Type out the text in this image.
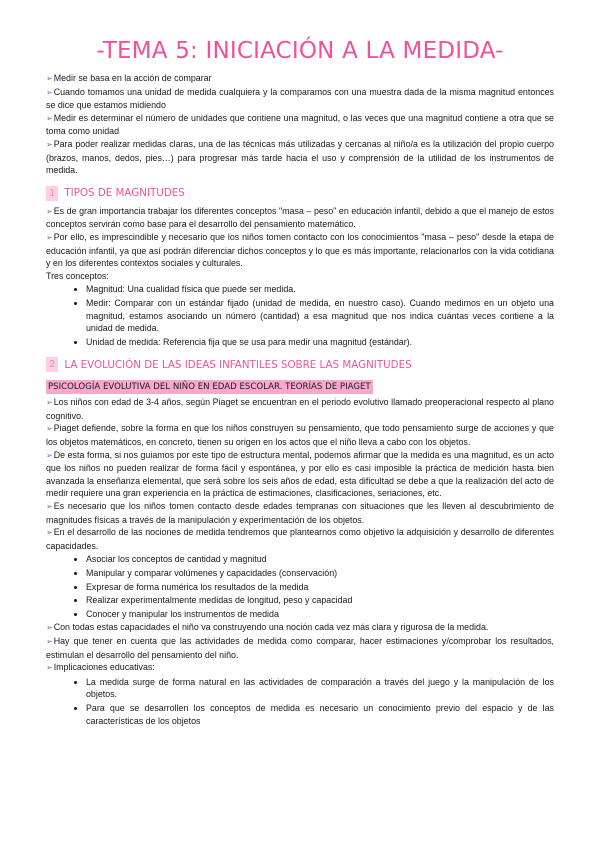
-TEMA 5: INICIACIÓN A LA MEDIDA-

➢Medir se basa en la acción de comparar

➢Cuando tomamos una unidad de medida cualquiera y la comparamos con una muestra dada de la misma magnitud entonces se dice que estamos midiendo

➢Medir es determinar el número de unidades que contiene una magnitud, o las veces que una magnitud contiene a otra que se toma como unidad

➢Para poder realizar medidas claras, una de las técnicas más utilizadas y cercanas al niño/a es la utilización del propio cuerpo (brazos, manos, dedos, pies…) para progresar más tarde hacia el uso y comprensión de la utilidad de los instrumentos de medida.

1 TIPOS DE MAGNITUDES

➢Es de gran importancia trabajar los diferentes conceptos "masa – peso" en educación infantil, debido a que el manejo de estos conceptos servirán como base para el desarrollo del pensamiento matemático.

➢Por ello, es imprescindible y necesario que los niños tomen contacto con los conocimientos "masa – peso" desde la etapa de educación infantil, ya que así podrán diferenciar dichos conceptos y lo que es más importante, relacionarlos con la vida cotidiana y en los diferentes contextos sociales y culturales.

Tres conceptos:

• Magnitud: Una cualidad física que puede ser medida.
• Medir: Comparar con un estándar fijado (unidad de medida, en nuestro caso). Cuando medimos en un objeto una magnitud, estamos asociando un número (cantidad) a esa magnitud que nos indica cuántas veces contiene a la unidad de medida.
• Unidad de medida: Referencia fija que se usa para medir una magnitud (estándar).
2 LA EVOLUCIÓN DE LAS IDEAS INFANTILES SOBRE LAS MAGNITUDES
PSICOLOGÍA EVOLUTIVA DEL NIÑO EN EDAD ESCOLAR. TEORÍAS DE PIAGET

➢Los niños con edad de 3-4 años, según Piaget se encuentran en el periodo evolutivo llamado preoperacional respecto al plano cognitivo.

➢Piaget defiende, sobre la forma en que los niños construyen su pensamiento, que todo pensamiento surge de acciones y que los objetos matemáticos, en concreto, tienen su origen en los actos que el niño lleva a cabo con los objetos.

➢De esta forma, si nos guiamos por este tipo de estructura mental, podemos afirmar que la medida es una magnitud, es un acto que los niños no pueden realizar de forma fácil y espontánea, y por ello es casi imposible la práctica de medición hasta bien avanzada la enseñanza elemental, que será sobre los seis años de edad, esta dificultad se debe a que la realización del acto de medir requiere una gran experiencia en la práctica de estimaciones, clasificaciones, seriaciones, etc.

➢Es necesario que los niños tomen contacto desde edades tempranas con situaciones que les lleven al descubrimiento de magnitudes físicas a través de la manipulación y experimentación de los objetos.

➢En el desarrollo de las nociones de medida tendremos que plantearnos como objetivo la adquisición y desarrollo de diferentes capacidades.

• Asociar los conceptos de cantidad y magnitud
• Manipular y comparar volúmenes y capacidades (conservación)
• Expresar de forma numérica los resultados de la medida
• Realizar experimentalmente medidas de longitud, peso y capacidad
• Conocer y manipular los instrumentos de medida

➢Con todas estas capacidades el niño va construyendo una noción cada vez más clara y rigurosa de la medida.

➢Hay que tener en cuenta que las actividades de medida como comparar, hacer estimaciones y/comprobar los resultados, estimulan el desarrollo del pensamiento del niño.

➢Implicaciones educativas:

• La medida surge de forma natural en las actividades de comparación a través del juego y la manipulación de los objetos.
• Para que se desarrollen los conceptos de medida es necesario un conocimiento previo del espacio y de las características de los objetos
